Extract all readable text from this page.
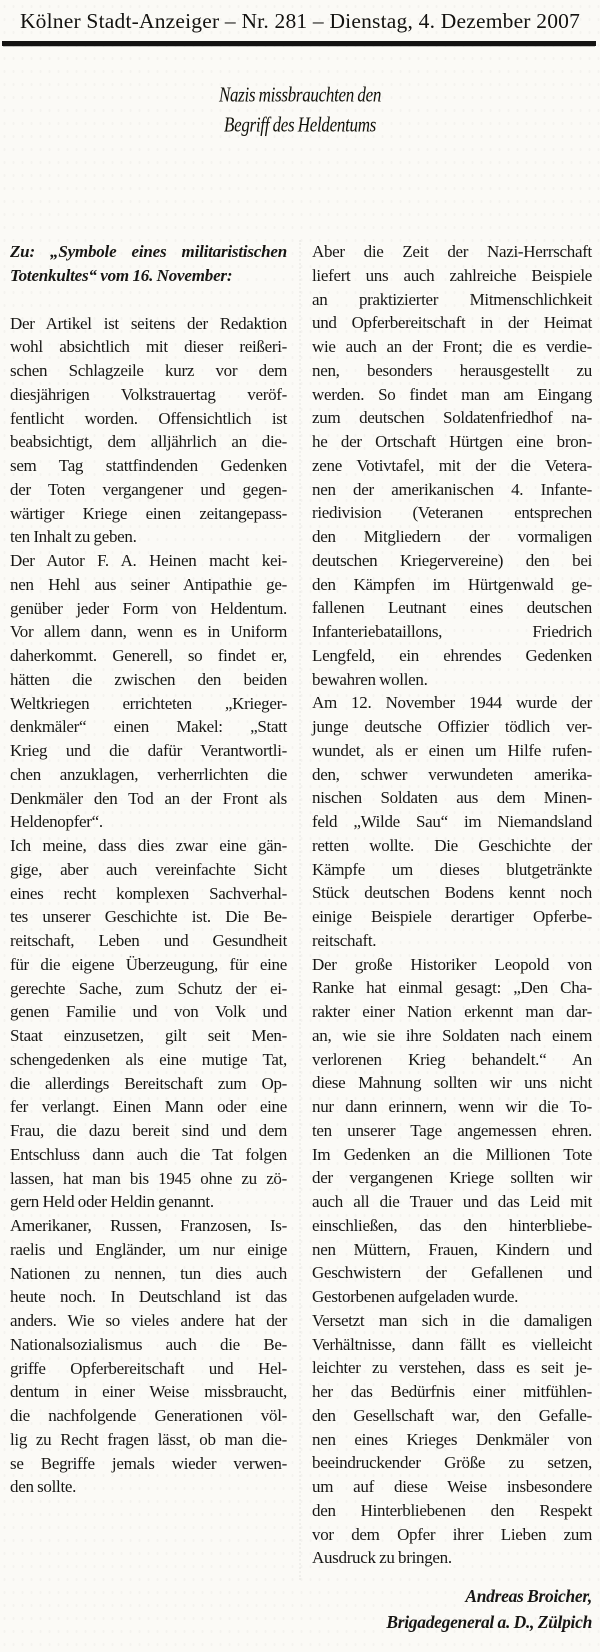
Kölner Stadt-Anzeiger – Nr. 281 – Dienstag, 4. Dezember 2007
Nazis missbrauchten den
Begriff des Heldentums
Zu: „Symbole eines militaristischen
Totenkultes“ vom 16. November:
Der Artikel ist seitens der Redaktion
wohl absichtlich mit dieser reißeri-
schen Schlagzeile kurz vor dem
diesjährigen Volkstrauertag veröf-
fentlicht worden. Offensichtlich ist
beabsichtigt, dem alljährlich an die-
sem Tag stattfindenden Gedenken
der Toten vergangener und gegen-
wärtiger Kriege einen zeitangepass-
ten Inhalt zu geben.
Der Autor F. A. Heinen macht kei-
nen Hehl aus seiner Antipathie ge-
genüber jeder Form von Heldentum.
Vor allem dann, wenn es in Uniform
daherkommt. Generell, so findet er,
hätten die zwischen den beiden
Weltkriegen errichteten „Krieger-
denkmäler“ einen Makel: „Statt
Krieg und die dafür Verantwortli-
chen anzuklagen, verherrlichten die
Denkmäler den Tod an der Front als
Heldenopfer“.
Ich meine, dass dies zwar eine gän-
gige, aber auch vereinfachte Sicht
eines recht komplexen Sachverhal-
tes unserer Geschichte ist. Die Be-
reitschaft, Leben und Gesundheit
für die eigene Überzeugung, für eine
gerechte Sache, zum Schutz der ei-
genen Familie und von Volk und
Staat einzusetzen, gilt seit Men-
schengedenken als eine mutige Tat,
die allerdings Bereitschaft zum Op-
fer verlangt. Einen Mann oder eine
Frau, die dazu bereit sind und dem
Entschluss dann auch die Tat folgen
lassen, hat man bis 1945 ohne zu zö-
gern Held oder Heldin genannt.
Amerikaner, Russen, Franzosen, Is-
raelis und Engländer, um nur einige
Nationen zu nennen, tun dies auch
heute noch. In Deutschland ist das
anders. Wie so vieles andere hat der
Nationalsozialismus auch die Be-
griffe Opferbereitschaft und Hel-
dentum in einer Weise missbraucht,
die nachfolgende Generationen völ-
lig zu Recht fragen lässt, ob man die-
se Begriffe jemals wieder verwen-
den sollte.
Aber die Zeit der Nazi-Herrschaft
liefert uns auch zahlreiche Beispiele
an praktizierter Mitmenschlichkeit
und Opferbereitschaft in der Heimat
wie auch an der Front; die es verdie-
nen, besonders herausgestellt zu
werden. So findet man am Eingang
zum deutschen Soldatenfriedhof na-
he der Ortschaft Hürtgen eine bron-
zene Votivtafel, mit der die Vetera-
nen der amerikanischen 4. Infante-
riedivision (Veteranen entsprechen
den Mitgliedern der vormaligen
deutschen Kriegervereine) den bei
den Kämpfen im Hürtgenwald ge-
fallenen Leutnant eines deutschen
Infanteriebataillons, Friedrich
Lengfeld, ein ehrendes Gedenken
bewahren wollen.
Am 12. November 1944 wurde der
junge deutsche Offizier tödlich ver-
wundet, als er einen um Hilfe rufen-
den, schwer verwundeten amerika-
nischen Soldaten aus dem Minen-
feld „Wilde Sau“ im Niemandsland
retten wollte. Die Geschichte der
Kämpfe um dieses blutgetränkte
Stück deutschen Bodens kennt noch
einige Beispiele derartiger Opferbe-
reitschaft.
Der große Historiker Leopold von
Ranke hat einmal gesagt: „Den Cha-
rakter einer Nation erkennt man dar-
an, wie sie ihre Soldaten nach einem
verlorenen Krieg behandelt.“ An
diese Mahnung sollten wir uns nicht
nur dann erinnern, wenn wir die To-
ten unserer Tage angemessen ehren.
Im Gedenken an die Millionen Tote
der vergangenen Kriege sollten wir
auch all die Trauer und das Leid mit
einschließen, das den hinterbliebe-
nen Müttern, Frauen, Kindern und
Geschwistern der Gefallenen und
Gestorbenen aufgeladen wurde.
Versetzt man sich in die damaligen
Verhältnisse, dann fällt es vielleicht
leichter zu verstehen, dass es seit je-
her das Bedürfnis einer mitfühlen-
den Gesellschaft war, den Gefalle-
nen eines Krieges Denkmäler von
beeindruckender Größe zu setzen,
um auf diese Weise insbesondere
den Hinterbliebenen den Respekt
vor dem Opfer ihrer Lieben zum
Ausdruck zu bringen.
Andreas Broicher,
Brigadegeneral a. D., Zülpich
